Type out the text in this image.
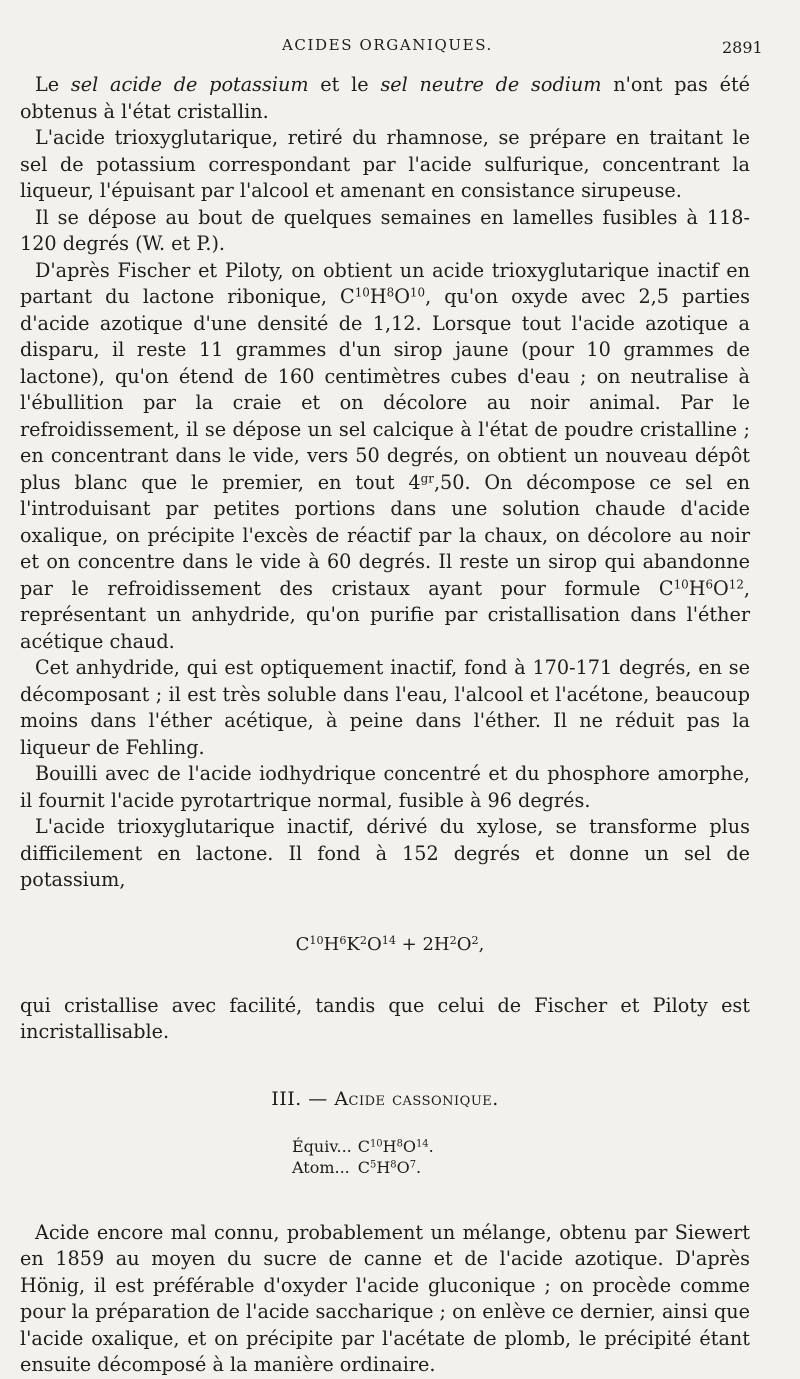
ACIDES ORGANIQUES.	2891

Le sel acide de potassium et le sel neutre de sodium n'ont pas été obtenus à l'état cristallin.

L'acide trioxyglutarique, retiré du rhamnose, se prépare en traitant le sel de potassium correspondant par l'acide sulfurique, concentrant la liqueur, l'épuisant par l'alcool et amenant en consistance sirupeuse.

Il se dépose au bout de quelques semaines en lamelles fusibles à 118-120 degrés (W. et P.).

D'après Fischer et Piloty, on obtient un acide trioxyglutarique inactif en partant du lactone ribonique, $C^{10}H^8O^{10}$, qu'on oxyde avec 2,5 parties d'acide azotique d'une densité de 1,12. Lorsque tout l'acide azotique a disparu, il reste 11 grammes d'un sirop jaune (pour 10 grammes de lactone), qu'on étend de 160 centimètres cubes d'eau ; on neutralise à l'ébullition par la craie et on décolore au noir animal. Par le refroidissement, il se dépose un sel calcique à l'état de poudre cristalline ; en concentrant dans le vide, vers 50 degrés, on obtient un nouveau dépôt plus blanc que le premier, en tout $4^{gr},50$. On décompose ce sel en l'introduisant par petites portions dans une solution chaude d'acide oxalique, on précipite l'excès de réactif par la chaux, on décolore au noir et on concentre dans le vide à 60 degrés. Il reste un sirop qui abandonne par le refroidissement des cristaux ayant pour formule $C^{10}H^6O^{12}$, représentant un anhydride, qu'on purifie par cristallisation dans l'éther acétique chaud.

Cet anhydride, qui est optiquement inactif, fond à 170-171 degrés, en se décomposant ; il est très soluble dans l'eau, l'alcool et l'acétone, beaucoup moins dans l'éther acétique, à peine dans l'éther. Il ne réduit pas la liqueur de Fehling.

Bouilli avec de l'acide iodhydrique concentré et du phosphore amorphe, il fournit l'acide pyrotartrique normal, fusible à 96 degrés.

L'acide trioxyglutarique inactif, dérivé du xylose, se transforme plus difficilement en lactone. Il fond à 152 degrés et donne un sel de potassium,

$C^{10}H^6K^2O^{14} + 2H^2O^2$,

qui cristallise avec facilité, tandis que celui de Fischer et Piloty est incristallisable.

III. — Acide cassonique.
Équiv...	$C^{10}H^8O^{14}$.
Atom...	$C^5H^8O^7$.

Acide encore mal connu, probablement un mélange, obtenu par Siewert en 1859 au moyen du sucre de canne et de l'acide azotique. D'après Hönig, il est préférable d'oxyder l'acide gluconique ; on procède comme pour la préparation de l'acide saccharique ; on enlève ce dernier, ainsi que l'acide oxalique, et on précipite par l'acétate de plomb, le précipité étant ensuite décomposé à la manière ordinaire.
